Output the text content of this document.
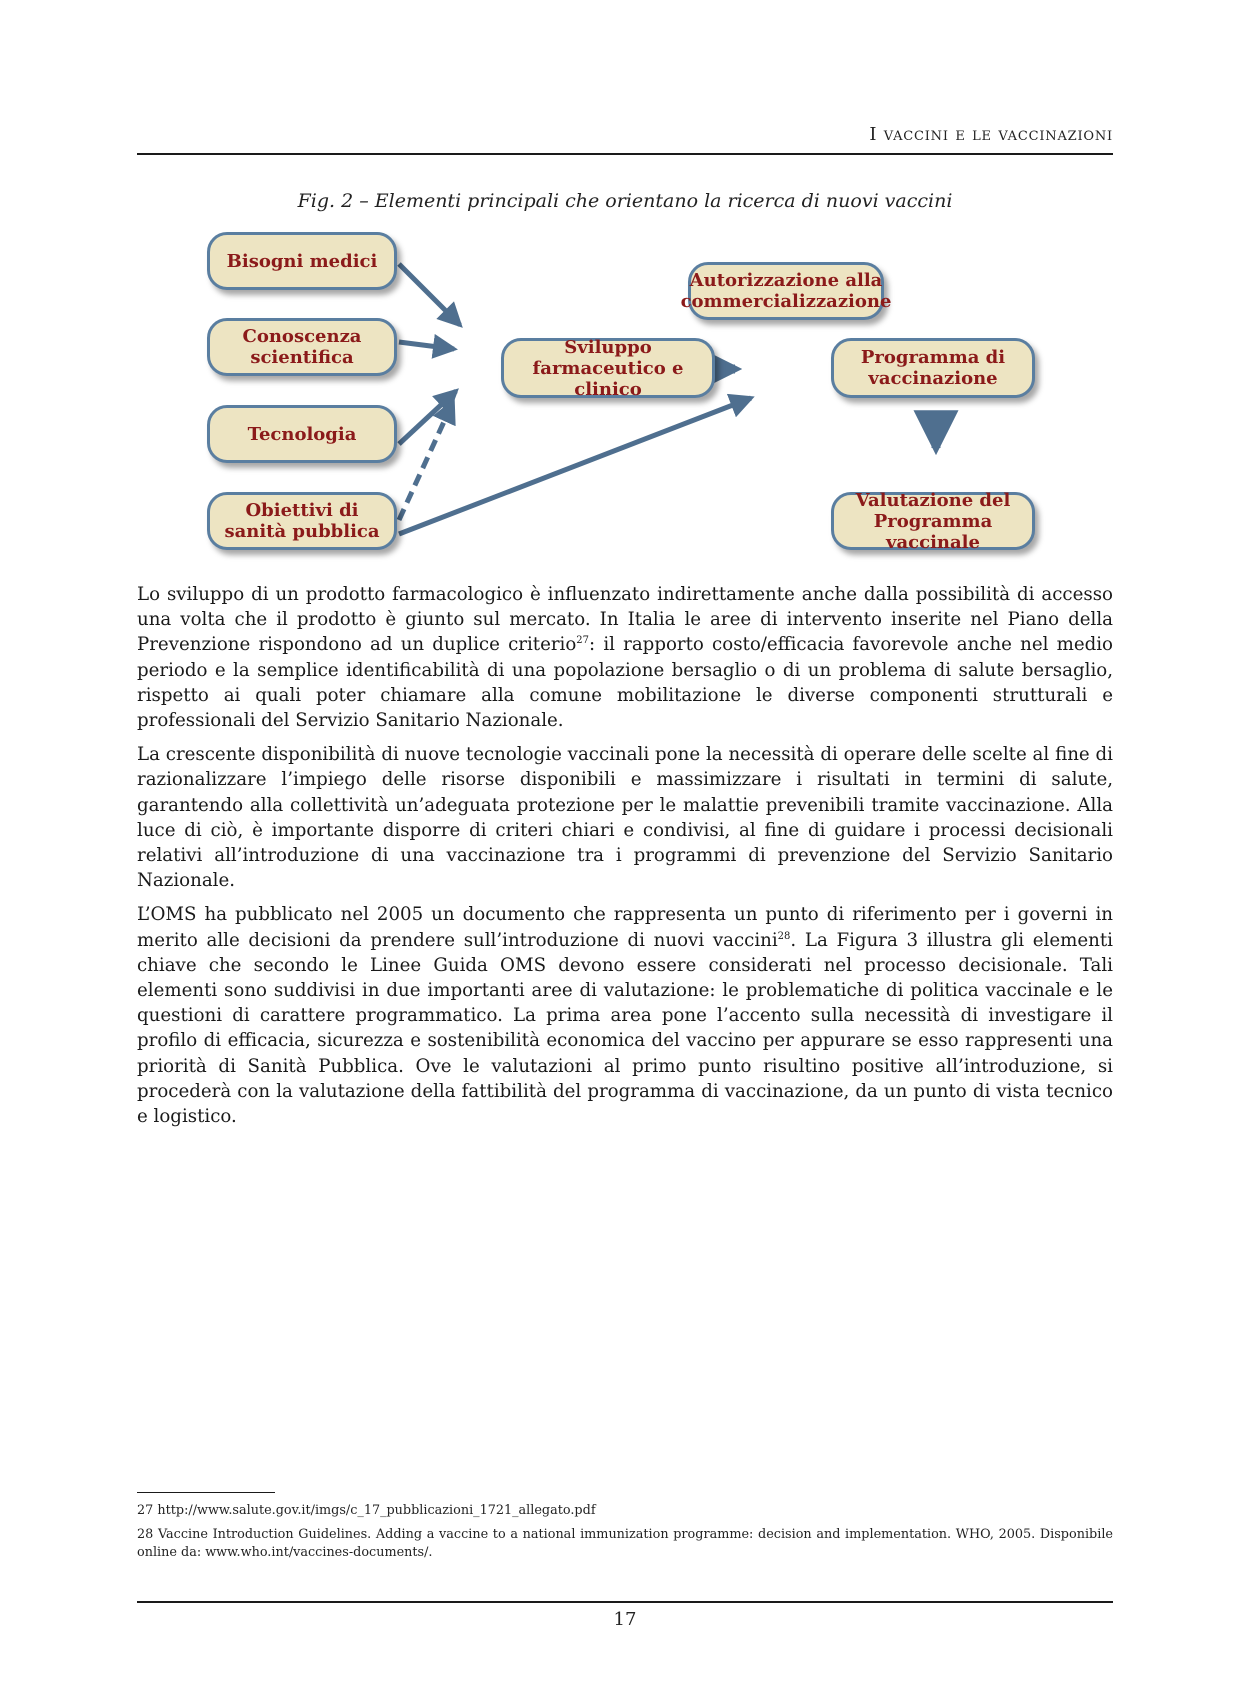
I vaccini e le vaccinazioni
Fig. 2 – Elementi principali che orientano la ricerca di nuovi vaccini
Bisogni medici
Conoscenza scientifica
Tecnologia
Obiettivi di sanità pubblica
Sviluppo farmaceutico e clinico
Autorizzazione alla commercializzazione
Programma di vaccinazione
Valutazione del Programma vaccinale

Lo sviluppo di un prodotto farmacologico è influenzato indirettamente anche dalla possibilità di accesso una volta che il prodotto è giunto sul mercato. In Italia le aree di intervento inserite nel Piano della Prevenzione rispondono ad un duplice criterio$^{27}$: il rapporto costo/efficacia favorevole anche nel medio periodo e la semplice identificabilità di una popolazione bersaglio o di un problema di salute bersaglio, rispetto ai quali poter chiamare alla comune mobilitazione le diverse componenti strutturali e professionali del Servizio Sanitario Nazionale.

La crescente disponibilità di nuove tecnologie vaccinali pone la necessità di operare delle scelte al fine di razionalizzare l’impiego delle risorse disponibili e massimizzare i risultati in termini di salute, garantendo alla collettività un’adeguata protezione per le malattie prevenibili tramite vaccinazione. Alla luce di ciò, è importante disporre di criteri chiari e condivisi, al fine di guidare i processi decisionali relativi all’introduzione di una vaccinazione tra i programmi di prevenzione del Servizio Sanitario Nazionale.

L’OMS ha pubblicato nel 2005 un documento che rappresenta un punto di riferimento per i governi in merito alle decisioni da prendere sull’introduzione di nuovi vaccini$^{28}$. La Figura 3 illustra gli elementi chiave che secondo le Linee Guida OMS devono essere considerati nel processo decisionale. Tali elementi sono suddivisi in due importanti aree di valutazione: le problematiche di politica vaccinale e le questioni di carattere programmatico. La prima area pone l’accento sulla necessità di investigare il profilo di efficacia, sicurezza e sostenibilità economica del vaccino per appurare se esso rappresenti una priorità di Sanità Pubblica. Ove le valutazioni al primo punto risultino positive all’introduzione, si procederà con la valutazione della fattibilità del programma di vaccinazione, da un punto di vista tecnico e logistico.

27 http://www.salute.gov.it/imgs/c_17_pubblicazioni_1721_allegato.pdf

28 Vaccine Introduction Guidelines. Adding a vaccine to a national immunization programme: decision and implementation. WHO, 2005. Disponibile online da: www.who.int/vaccines-documents/.

17
